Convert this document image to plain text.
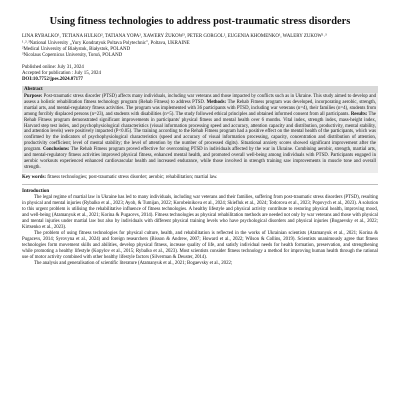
Using fitness technologies to address post-traumatic stress disorders
LINA RYBALKO¹, TETIANA HULKO², TATIANA YOPA², XAWERY ŻUKOW³, PETER GORGOL², EUGENIA KHOMENKO¹, WALERY ZUKOW¹˒³
¹˒²˒³National University „Yury Kondratyuk Poltava Polytechnic", Poltava, UKRAINE
²Medical University of Białystok, Białystok, POLAND
³Nicolaus Copernicus University, Toruń, POLAND
Published online: July 31, 2024
Accepted for publication : July 15, 2024
DOI:10.7752/jpes.2024.07177
Abstract
Purpose: Post-traumatic stress disorder (PTSD) affects many individuals, including war veterans and those impacted by conflicts such as in Ukraine. This study aimed to develop and assess a holistic rehabilitation fitness technology program (Rehab Fitness) to address PTSD. Methods: The Rehab Fitness program was developed, incorporating aerobic, strength, martial arts, and mental-regulatory fitness activities. The program was implemented with 36 participants with PTSD, including war veterans (n=4), their families (n=4), students from among forcibly displaced persons (n=23), and students with disabilities (n=5). The study followed ethical principles and obtained informed consent from all participants. Results: The Rehab Fitness program demonstrated significant improvements in participants' physical fitness and mental health over 6 months. Vital index, strength index, mass-height index, Harvard step test index, and psychophysiological characteristics (visual information processing speed and accuracy, attention capacity and distribution, productivity, mental stability, and attention levels) were positively impacted (P<0.05). The training according to the Rehab Fitness program had a positive effect on the mental health of the participants, which was confirmed by the indicators of psychophysiological characteristics (speed and accuracy of visual information processing, capacity, concentration and distribution of attention, productivity coefficient; level of mental stability; the level of attention by the number of processed digits). Situational anxiety scores showed significant improvement after the program. Conclusions: The Rehab Fitness program proved effective for overcoming PTSD in individuals affected by the war in Ukraine. Combining aerobic, strength, martial arts, and mental-regulatory fitness activities improved physical fitness, enhanced mental health, and promoted overall well-being among individuals with PTSD. Participants engaged in aerobic workouts experienced enhanced cardiovascular health and increased endurance, while those involved in strength training saw improvements in muscle tone and overall strength.
Key words: fitness technologies; post-traumatic stress disorder; aerobic; rehabilitation; martial law.
Introduction

The legal regime of martial law in Ukraine has led to many individuals, including war veterans and their families, suffering from post-traumatic stress disorders (PTSD), resulting in physical and mental injuries (Rybalko et al., 2023; Ayob, & Tumijan, 2022; Korobeinikova et al., 2024; Skiefluk et al., 2024; Todorova et al., 2023; Popovych et al., 2023). A solution to this urgent problem is utilising the rehabilitative influence of fitness technologies. A healthy lifestyle and physical activity contribute to restoring physical health, improving mood, and well-being (Atamanyuk et al., 2021; Korina & Pugacevs, 2014). Fitness technologies as physical rehabilitation methods are needed not only by war veterans and those with physical and mental injuries under martial law but also by individuals with different physical training levels who have psychological disorders and physical injuries (Bogaevsky et al., 2022; Kirtsenko et al., 2023).

The problem of using fitness technologies for physical culture, health, and rehabilitation is reflected in the works of Ukrainian scientists (Atamanyuk et al., 2021; Korina & Pugacevs, 2014; Syrovyna et al., 2024) and foreign researchers (Bisson & Andrew, 2007; Howard et al., 2022; Wilson & Collins, 2019). Scientists unanimously agree that fitness technologies form movement skills and abilities, develop physical fitness, increase quality of life, and satisfy individual needs for health formation, preservation, and strengthening while promoting a healthy lifestyle (Kopylov et al., 2015; Rybalko et al., 2023). Most scientists consider fitness technology a method for improving human health through the rational use of motor activity combined with other healthy lifestyle factors (Silverman & Deuster, 2014).

The analysis and generalisation of scientific literature (Atamanyuk et al., 2021; Bogaevsky et al., 2022;
